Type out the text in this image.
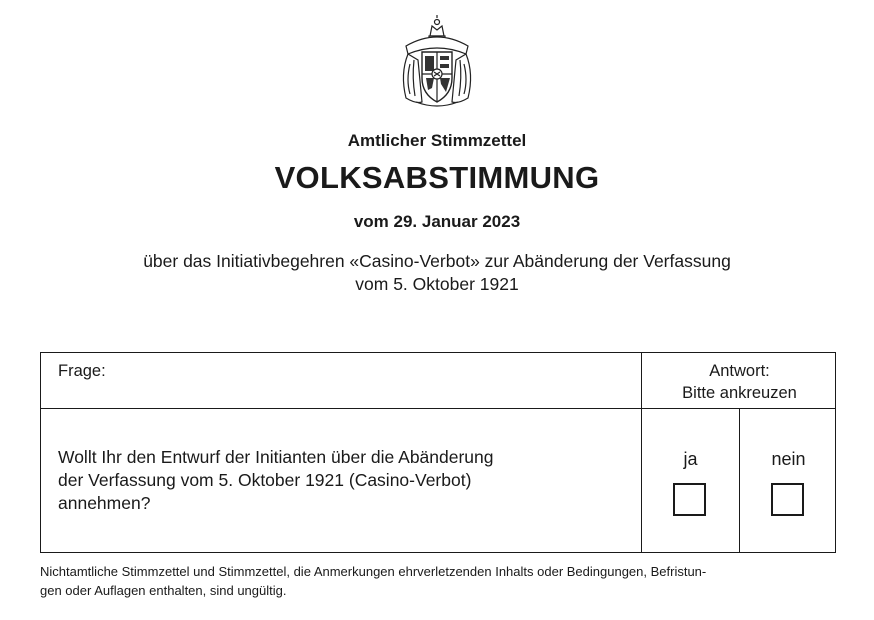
Amtlicher Stimmzettel
VOLKSABSTIMMUNG
vom 29. Januar 2023
über das Initiativbegehren «Casino-Verbot» zur Abänderung der Verfassung
vom 5. Oktober 1921
Frage:	Antwort:
Bitte ankreuzen
Wollt Ihr den Entwurf der Initianten über die Abänderung
der Verfassung vom 5. Oktober 1921 (Casino-Verbot)
annehmen?
ja	nein
Nichtamtliche Stimmzettel und Stimmzettel, die Anmerkungen ehrverletzenden Inhalts oder Bedingungen, Befristun-
gen oder Auflagen enthalten, sind ungültig.
